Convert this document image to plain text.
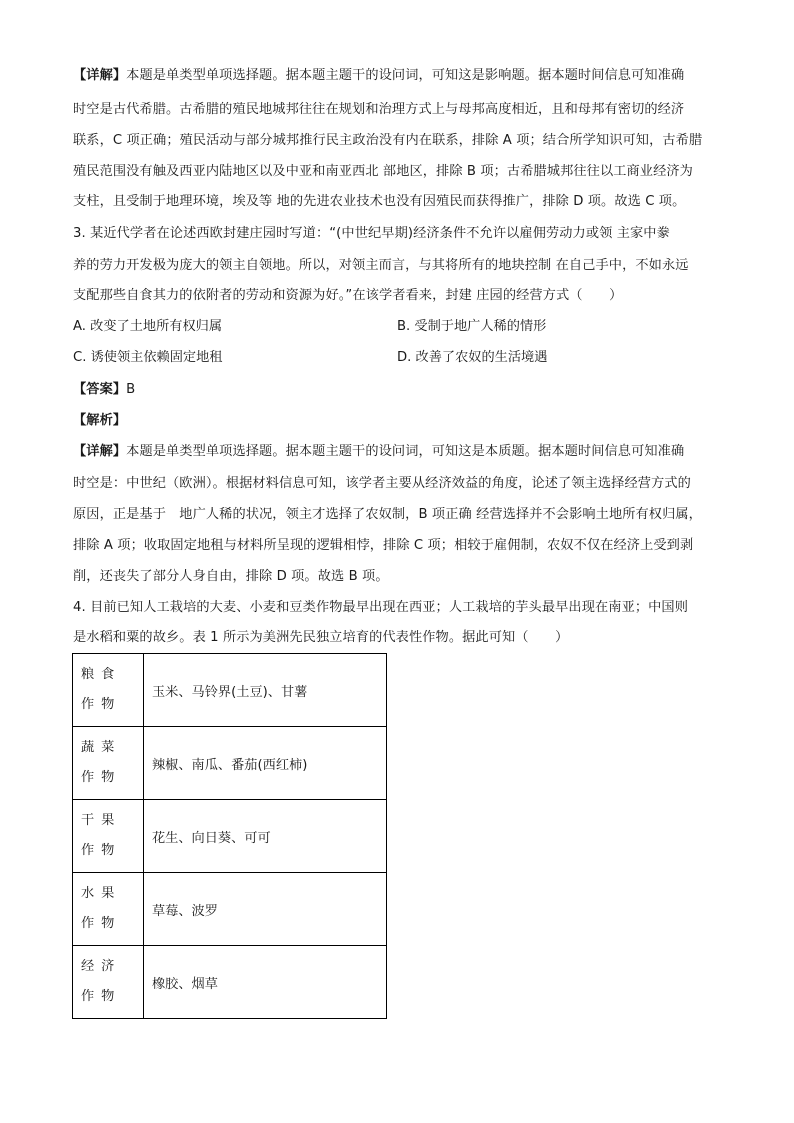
【详解】本题是单类型单项选择题。据本题主题干的设问词，可知这是影响题。据本题时间信息可知准确
时空是古代希腊。古希腊的殖民地城邦往往在规划和治理方式上与母邦高度相近，且和母邦有密切的经济
联系，C 项正确；殖民活动与部分城邦推行民主政治没有内在联系，排除 A 项；结合所学知识可知，古希腊
殖民范围没有触及西亚内陆地区以及中亚和南亚西北 部地区，排除 B 项；古希腊城邦往往以工商业经济为
支柱，且受制于地理环境，埃及等 地的先进农业技术也没有因殖民而获得推广，排除 D 项。故选 C 项。
3. 某近代学者在论述西欧封建庄园时写道：“(中世纪早期)经济条件不允许以雇佣劳动力或领 主家中豢
养的劳力开发极为庞大的领主自领地。所以，对领主而言，与其将所有的地块控制 在自己手中，不如永远
支配那些自食其力的依附者的劳动和资源为好。”在该学者看来，封建 庄园的经营方式（　　）
A. 改变了土地所有权归属	B. 受制于地广人稀的情形
C. 诱使领主依赖固定地租	D. 改善了农奴的生活境遇
【答案】B
【解析】
【详解】本题是单类型单项选择题。据本题主题干的设问词，可知这是本质题。据本题时间信息可知准确
时空是：中世纪（欧洲）。根据材料信息可知，该学者主要从经济效益的角度，论述了领主选择经营方式的
原因，正是基于　地广人稀的状况，领主才选择了农奴制，B 项正确 经营选择并不会影响土地所有权归属，
排除 A 项；收取固定地租与材料所呈现的逻辑相悖，排除 C 项；相较于雇佣制，农奴不仅在经济上受到剥
削，还丧失了部分人身自由，排除 D 项。故选 B 项。
4. 目前已知人工栽培的大麦、小麦和豆类作物最早出现在西亚；人工栽培的芋头最早出现在南亚；中国则
是水稻和粟的故乡。表 1 所示为美洲先民独立培育的代表性作物。据此可知（　　）
粮食作物	玉米、马铃界(土豆)、甘薯
蔬菜作物	辣椒、南瓜、番茄(西红柿)
干果作物	花生、向日葵、可可
水果作物	草莓、波罗
经济作物	橡胶、烟草
